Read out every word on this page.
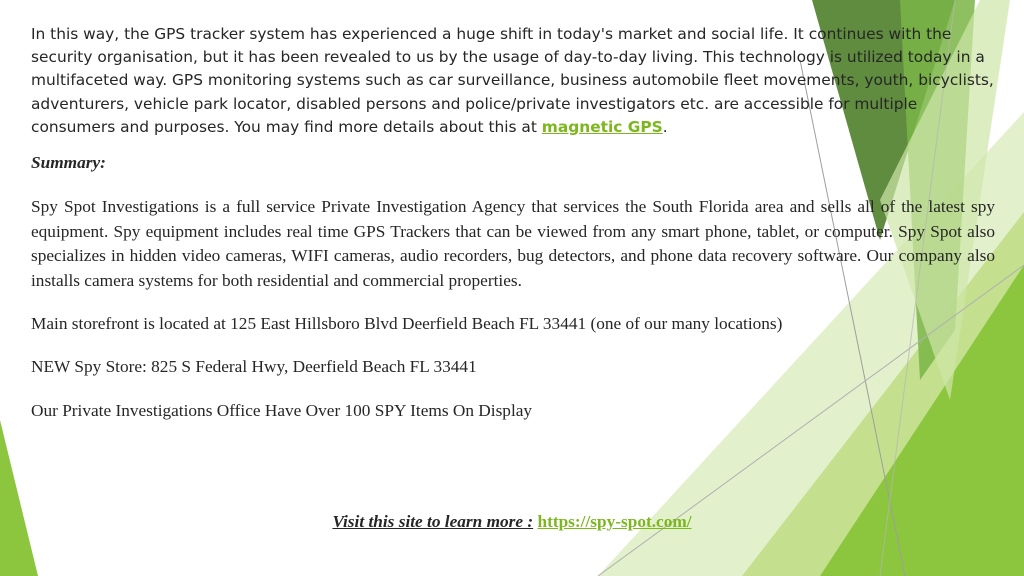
In this way, the GPS tracker system has experienced a huge shift in today's market and social life. It continues with the security organisation, but it has been revealed to us by the usage of day-to-day living. This technology is utilized today in a multifaceted way. GPS monitoring systems such as car surveillance, business automobile fleet movements, youth, bicyclists, adventurers, vehicle park locator, disabled persons and police/private investigators etc. are accessible for multiple consumers and purposes. You may find more details about this at magnetic GPS.

Summary:

Spy Spot Investigations is a full service Private Investigation Agency that services the South Florida area and sells all of the latest spy equipment. Spy equipment includes real time GPS Trackers that can be viewed from any smart phone, tablet, or computer. Spy Spot also specializes in hidden video cameras, WIFI cameras, audio recorders, bug detectors, and phone data recovery software. Our company also installs camera systems for both residential and commercial properties.

Main storefront is located at 125 East Hillsboro Blvd Deerfield Beach FL 33441 (one of our many locations)

NEW Spy Store: 825 S Federal Hwy, Deerfield Beach FL 33441

Our Private Investigations Office Have Over 100 SPY Items On Display

Visit this site to learn more : https://spy-spot.com/
